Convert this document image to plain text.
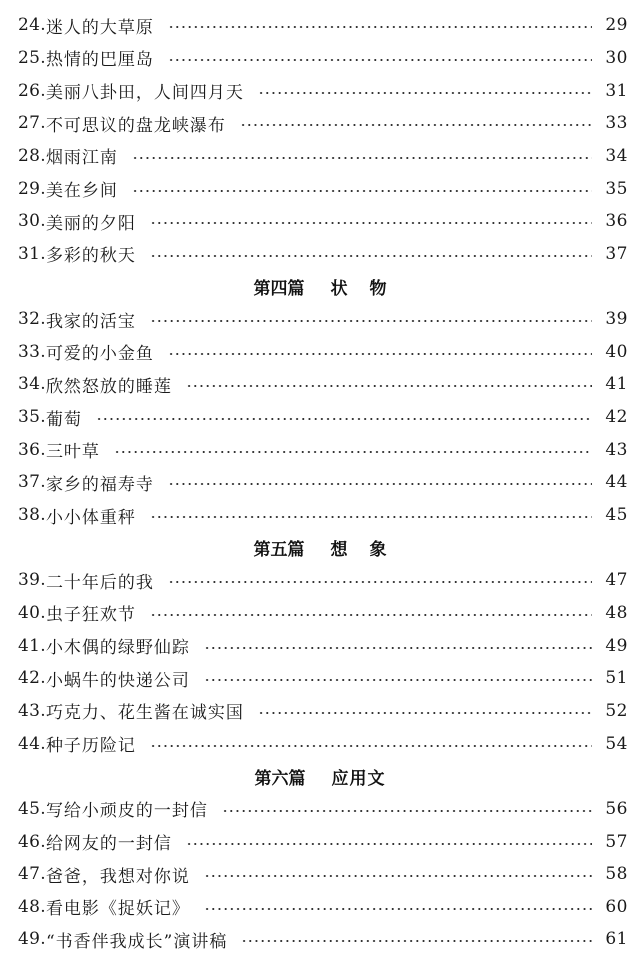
24. 迷人的大草原	29
25. 热情的巴厘岛	30
26. 美丽八卦田，人间四月天	31
27. 不可思议的盘龙峡瀑布	33
28. 烟雨江南	34
29. 美在乡间	35
30. 美丽的夕阳	36
31. 多彩的秋天	37
第四篇 状物
32. 我家的活宝	39
33. 可爱的小金鱼	40
34. 欣然怒放的睡莲	41
35. 葡萄	42
36. 三叶草	43
37. 家乡的福寿寺	44
38. 小小体重秤	45
第五篇 想象
39. 二十年后的我	47
40. 虫子狂欢节	48
41. 小木偶的绿野仙踪	49
42. 小蜗牛的快递公司	51
43. 巧克力、花生酱在诚实国	52
44. 种子历险记	54
第六篇 应用文
45. 写给小顽皮的一封信	56
46. 给网友的一封信	57
47. 爸爸，我想对你说	58
48. 看电影《捉妖记》	60
49. “书香伴我成长”演讲稿	61
